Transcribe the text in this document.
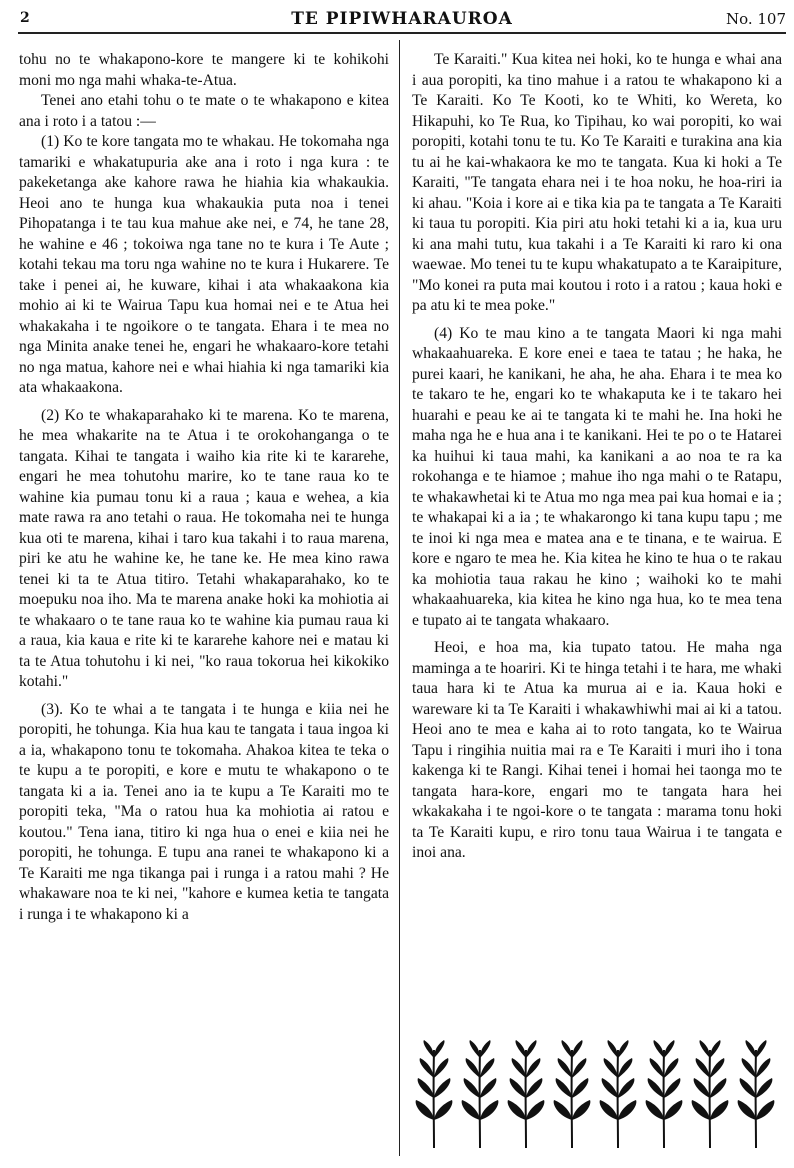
2	TE PIPIWHARAUROA	No. 107

tohu no te whakapono-kore te mangere ki te kohikohi moni mo nga mahi whaka-te-Atua.

Tenei ano etahi tohu o te mate o te whakapono e kitea ana i roto i a tatou :—

(1) Ko te kore tangata mo te whakau. He tokomaha nga tamariki e whakatupuria ake ana i roto i nga kura : te pakeketanga ake kahore rawa he hiahia kia whakaukia. Heoi ano te hunga kua whakaukia puta noa i tenei Pihopatanga i te tau kua mahue ake nei, e 74, he tane 28, he wahine e 46 ; tokoiwa nga tane no te kura i Te Aute ; kotahi tekau ma toru nga wahine no te kura i Hukarere. Te take i penei ai, he kuware, kihai i ata whakaakona kia mohio ai ki te Wairua Tapu kua homai nei e te Atua hei whakakaha i te ngoikore o te tangata. Ehara i te mea no nga Minita anake tenei he, engari he whakaaro-kore tetahi no nga matua, kahore nei e whai hiahia ki nga tamariki kia ata whakaakona.

(2) Ko te whakaparahako ki te marena. Ko te marena, he mea whakarite na te Atua i te orokohanganga o te tangata. Kihai te tangata i waiho kia rite ki te kararehe, engari he mea tohutohu marire, ko te tane raua ko te wahine kia pumau tonu ki a raua ; kaua e wehea, a kia mate rawa ra ano tetahi o raua. He tokomaha nei te hunga kua oti te marena, kihai i taro kua takahi i to raua marena, piri ke atu he wahine ke, he tane ke. He mea kino rawa tenei ki ta te Atua titiro. Tetahi whakaparahako, ko te moepuku noa iho. Ma te marena anake hoki ka mohiotia ai te whakaaro o te tane raua ko te wahine kia pumau raua ki a raua, kia kaua e rite ki te kararehe kahore nei e matau ki ta te Atua tohutohu i ki nei, "ko raua tokorua hei kikokiko kotahi."

(3). Ko te whai a te tangata i te hunga e kiia nei he poropiti, he tohunga. Kia hua kau te tangata i taua ingoa ki a ia, whakapono tonu te tokomaha. Ahakoa kitea te teka o te kupu a te poropiti, e kore e mutu te whakapono o te tangata ki a ia. Tenei ano ia te kupu a Te Karaiti mo te poropiti teka, "Ma o ratou hua ka mohiotia ai ratou e koutou." Tena iana, titiro ki nga hua o enei e kiia nei he poropiti, he tohunga. E tupu ana ranei te whakapono ki a Te Karaiti me nga tikanga pai i runga i a ratou mahi ? He whakaware noa te ki nei, "kahore e kumea ketia te tangata i runga i te whakapono ki a

Te Karaiti." Kua kitea nei hoki, ko te hunga e whai ana i aua poropiti, ka tino mahue i a ratou te whakapono ki a Te Karaiti. Ko Te Kooti, ko te Whiti, ko Wereta, ko Hikapuhi, ko Te Rua, ko Tipihau, ko wai poropiti, ko wai poropiti, kotahi tonu te tu. Ko Te Karaiti e turakina ana kia tu ai he kai-whakaora ke mo te tangata. Kua ki hoki a Te Karaiti, "Te tangata ehara nei i te hoa noku, he hoa-riri ia ki ahau. "Koia i kore ai e tika kia pa te tangata a Te Karaiti ki taua tu poropiti. Kia piri atu hoki tetahi ki a ia, kua uru ki ana mahi tutu, kua takahi i a Te Karaiti ki raro ki ona waewae. Mo tenei tu te kupu whakatupato a te Karaipiture, "Mo konei ra puta mai koutou i roto i a ratou ; kaua hoki e pa atu ki te mea poke."

(4) Ko te mau kino a te tangata Maori ki nga mahi whakaahuareka. E kore enei e taea te tatau ; he haka, he purei kaari, he kanikani, he aha, he aha. Ehara i te mea ko te takaro te he, engari ko te whakaputa ke i te takaro hei huarahi e peau ke ai te tangata ki te mahi he. Ina hoki he maha nga he e hua ana i te kanikani. Hei te po o te Hatarei ka huihui ki taua mahi, ka kanikani a ao noa te ra ka rokohanga e te hiamoe ; mahue iho nga mahi o te Ratapu, te whakawhetai ki te Atua mo nga mea pai kua homai e ia ; te whakapai ki a ia ; te whakarongo ki tana kupu tapu ; me te inoi ki nga mea e matea ana e te tinana, e te wairua. E kore e ngaro te mea he. Kia kitea he kino te hua o te rakau ka mohiotia taua rakau he kino ; waihoki ko te mahi whakaahuareka, kia kitea he kino nga hua, ko te mea tena e tupato ai te tangata whakaaro.

Heoi, e hoa ma, kia tupato tatou. He maha nga maminga a te hoariri. Ki te hinga tetahi i te hara, me whaki taua hara ki te Atua ka murua ai e ia. Kaua hoki e wareware ki ta Te Karaiti i whakawhiwhi mai ai ki a tatou. Heoi ano te mea e kaha ai to roto tangata, ko te Wairua Tapu i ringihia nuitia mai ra e Te Karaiti i muri iho i tona kakenga ki te Rangi. Kihai tenei i homai hei taonga mo te tangata hara-kore, engari mo te tangata hara hei wkakakaha i te ngoi-kore o te tangata : marama tonu hoki ta Te Karaiti kupu, e riro tonu taua Wairua i te tangata e inoi ana.
